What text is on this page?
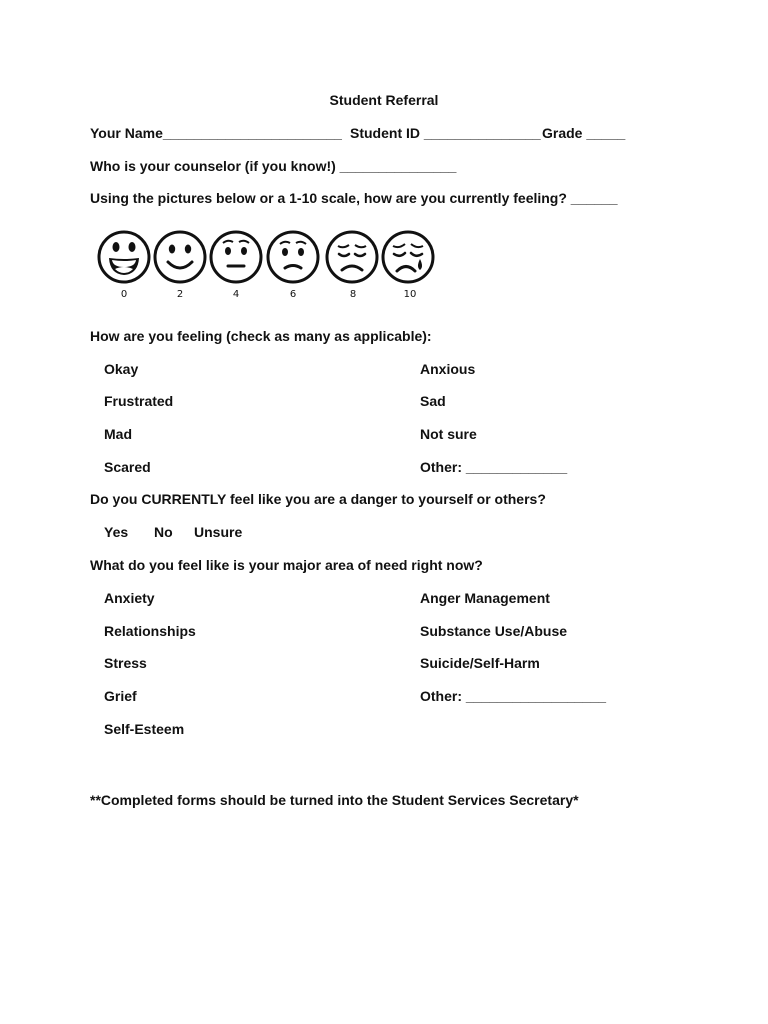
Student Referral
Your Name_______________________ Student ID _______________ Grade _____
Who is your counselor (if you know!) _______________
Using the pictures below or a 1-10 scale, how are you currently feeling? ______
0	2	4	6	8	10
How are you feeling (check as many as applicable):
Okay
Frustrated
Mad
Scared
Anxious
Sad
Not sure
Other: _____________
Do you CURRENTLY feel like you are a danger to yourself or others?
Yes No Unsure
What do you feel like is your major area of need right now?
Anxiety
Relationships
Stress
Grief
Self-Esteem
Anger Management
Substance Use/Abuse
Suicide/Self-Harm
Other: __________________
**Completed forms should be turned into the Student Services Secretary*
